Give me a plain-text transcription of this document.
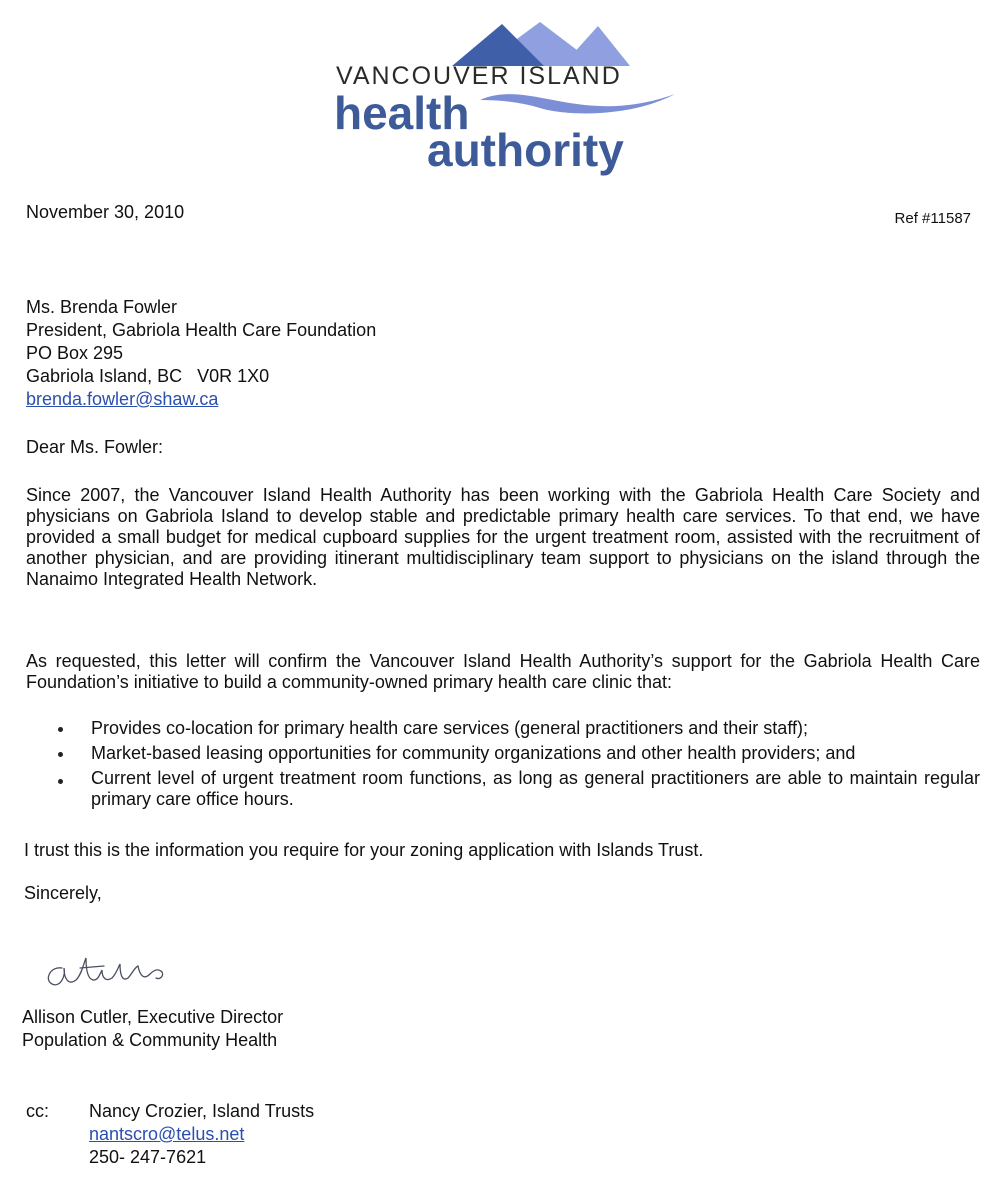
VANCOUVER ISLAND
health
authority
November 30, 2010	Ref #11587
Ms. Brenda Fowler
President, Gabriola Health Care Foundation
PO Box 295
Gabriola Island, BC   V0R 1X0
brenda.fowler@shaw.ca
Dear Ms. Fowler:

Since 2007, the Vancouver Island Health Authority has been working with the Gabriola Health Care Society and physicians on Gabriola Island to develop stable and predictable primary health care services. To that end, we have provided a small budget for medical cupboard supplies for the urgent treatment room, assisted with the recruitment of another physician, and are providing itinerant multidisciplinary team support to physicians on the island through the Nanaimo Integrated Health Network.

As requested, this letter will confirm the Vancouver Island Health Authority’s support for the Gabriola Health Care Foundation’s initiative to build a community-owned primary health care clinic that:

Provides co-location for primary health care services (general practitioners and their staff);
Market-based leasing opportunities for community organizations and other health providers; and
Current level of urgent treatment room functions, as long as general practitioners are able to maintain regular primary care office hours.
I trust this is the information you require for your zoning application with Islands Trust.
Sincerely,
Allison Cutler, Executive Director
Population & Community Health
cc: Nancy Crozier, Island Trusts
nantscro@telus.net
250- 247-7621
